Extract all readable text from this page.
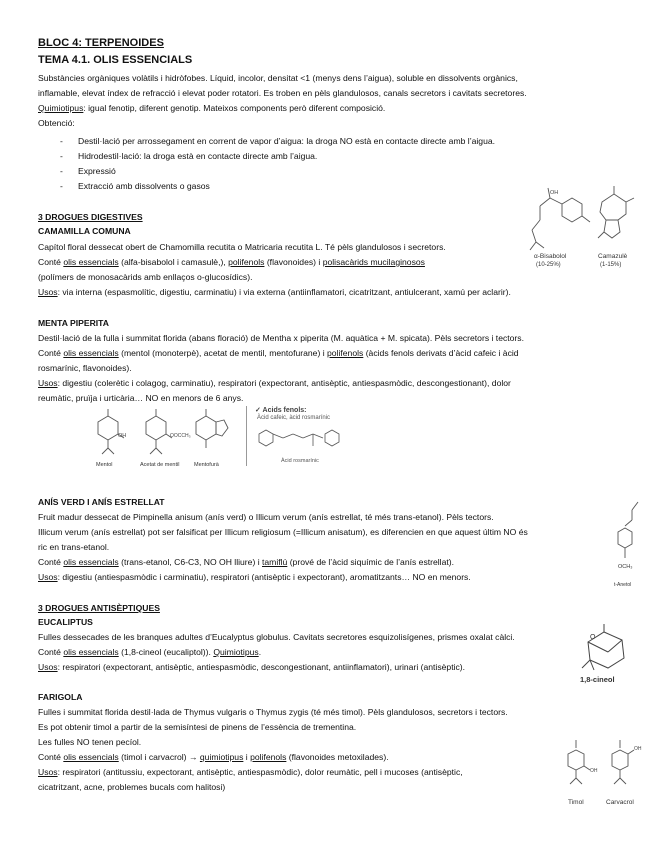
BLOC 4: TERPENOIDES
TEMA 4.1. OLIS ESSENCIALS
Substàncies orgàniques volàtils i hidròfobes. Líquid, incolor, densitat <1 (menys dens l’aigua), soluble en dissolvents orgànics,
inflamable, elevat índex de refracció i elevat poder rotatori. Es troben en pèls glandulosos, canals secretors i cavitats secretores.
Quimiotipus: igual fenotip, diferent genotip. Mateixos components però diferent composició.
Obtenció:
- Destil·lació per arrossegament en corrent de vapor d’aigua: la droga NO està en contacte directe amb l’aigua.
- Hidrodestil·lació: la droga està en contacte directe amb l’aigua.
- Expressió
- Extracció amb dissolvents o gasos
3 DROGUES DIGESTIVES
CAMAMILLA COMUNA
Capítol floral dessecat obert de Chamomilla recutita o Matricaria recutita L. Té pèls glandulosos i secretors.
Conté olis essencials (alfa-bisabolol i camasulè,), polifenols (flavonoides) i polisacàrids mucilaginosos
(polímers de monosacàrids amb enllaços o-glucosídics).
Usos: via interna (espasmolític, digestiu, carminatiu) i via externa (antiinflamatori, cicatritzant, antiulcerant, xamú per aclarir).
OH
α-Bisabolol
(10-25%)
Camazulè
(1-15%)
MENTA PIPERITA
Destil·lació de la fulla i summitat florida (abans floració) de Mentha x piperita (M. aquàtica + M. spicata). Pèls secretors i tectors.
Conté olis essencials (mentol (monoterpè), acetat de mentil, mentofurane) i polifenols (àcids fenols derivats d’àcid cafeic i àcid
rosmarínic, flavonoides).
Usos: digestiu (colerètic i colagog, carminatiu), respiratori (expectorant, antisèptic, antiespasmòdic, descongestionant), dolor
reumàtic, pruïja i urticària… NO en menors de 6 anys.
OH	OOCCH₃
Mentol	Acetat de mentil	Mentofurà
✓ Acids fenols:
Àcid cafeic, àcid rosmarínic
Àcid rosmarínic
ANÍS VERD I ANÍS ESTRELLAT
Fruit madur dessecat de Pimpinella anisum (anís verd) o Illicum verum (anís estrellat, té més trans-etanol). Pèls tectors.
Illicum verum (anís estrellat) pot ser falsificat per Illicum religiosum (=Illicum anisatum), es diferencien en que aquest últim NO és
ric en trans-etanol.
Conté olis essencials (trans-etanol, C6-C3, NO OH lliure) i tamiflú (prové de l’àcid siquímic de l’anís estrellat).
Usos: digestiu (antiespasmòdic i carminatiu), respiratori (antisèptic i expectorant), aromatitzants… NO en menors.
OCH₃
t-Anetol
3 DROGUES ANTISÈPTIQUES
EUCALIPTUS
Fulles dessecades de les branques adultes d’Eucalyptus globulus. Cavitats secretores esquizolisígenes, prismes oxalat càlci.
Conté olis essencials (1,8-cineol (eucaliptol)). Quimiotipus.
Usos: respiratori (expectorant, antisèptic, antiespasmòdic, descongestionant, antiinflamatori), urinari (antisèptic).
O
1,8-cineol
FARIGOLA
Fulles i summitat florida destil·lada de Thymus vulgaris o Thymus zygis (té més timol). Pèls glandulosos, secretors i tectors.
Es pot obtenir timol a partir de la semisíntesi de pinens de l’essència de trementina.
Les fulles NO tenen pecíol.
Conté olis essencials (timol i carvacrol) → quimiotipus i polifenols (flavonoides metoxilades).
Usos: respiratori (antitussiu, expectorant, antisèptic, antiespasmòdic), dolor reumàtic, pell i mucoses (antisèptic,
cicatritzant, acne, problemes bucals com halitosi)
OH
OH
Timol	Carvacrol
